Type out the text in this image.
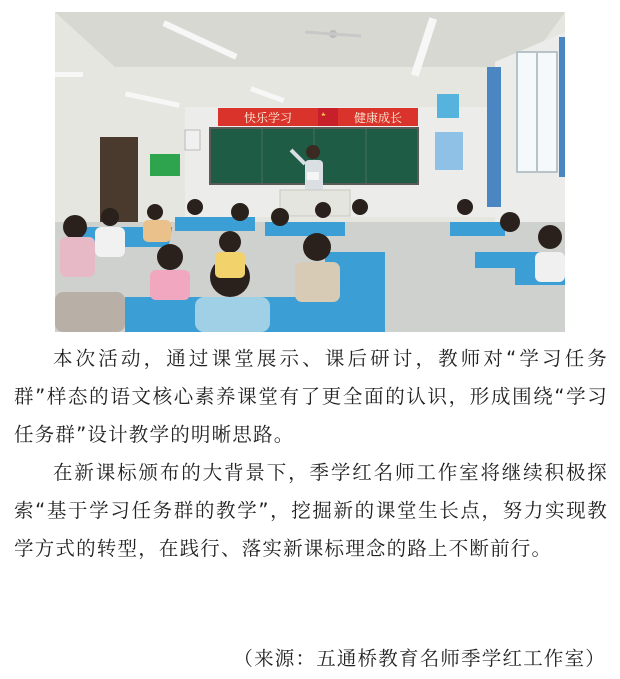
快乐学习	健康成长

本次活动，通过课堂展示、课后研讨，教师对“学习任务群”样态的语文核心素养课堂有了更全面的认识，形成围绕“学习任务群”设计教学的明晰思路。

在新课标颁布的大背景下，季学红名师工作室将继续积极探索“基于学习任务群的教学”，挖掘新的课堂生长点，努力实现教学方式的转型，在践行、落实新课标理念的路上不断前行。

（来源：五通桥教育名师季学红工作室）
